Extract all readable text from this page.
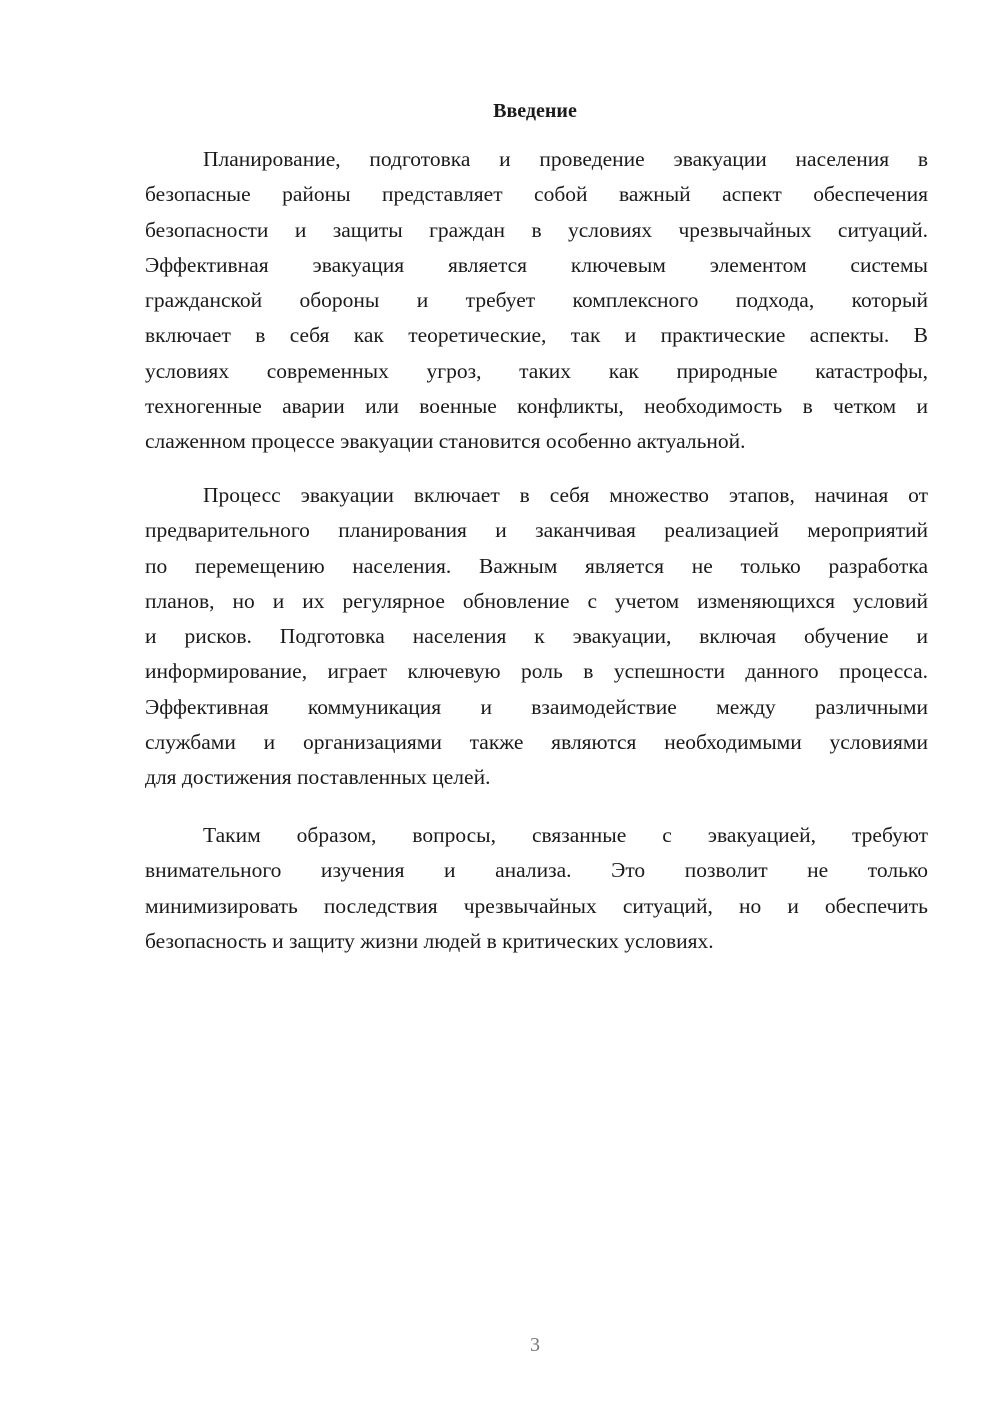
Введение
Планирование, подготовка и проведение эвакуации населения в
безопасные районы представляет собой важный аспект обеспечения
безопасности и защиты граждан в условиях чрезвычайных ситуаций.
Эффективная эвакуация является ключевым элементом системы
гражданской обороны и требует комплексного подхода, который
включает в себя как теоретические, так и практические аспекты. В
условиях современных угроз, таких как природные катастрофы,
техногенные аварии или военные конфликты, необходимость в четком и
слаженном процессе эвакуации становится особенно актуальной.
Процесс эвакуации включает в себя множество этапов, начиная от
предварительного планирования и заканчивая реализацией мероприятий
по перемещению населения. Важным является не только разработка
планов, но и их регулярное обновление с учетом изменяющихся условий
и рисков. Подготовка населения к эвакуации, включая обучение и
информирование, играет ключевую роль в успешности данного процесса.
Эффективная коммуникация и взаимодействие между различными
службами и организациями также являются необходимыми условиями
для достижения поставленных целей.
Таким образом, вопросы, связанные с эвакуацией, требуют
внимательного изучения и анализа. Это позволит не только
минимизировать последствия чрезвычайных ситуаций, но и обеспечить
безопасность и защиту жизни людей в критических условиях.
3
